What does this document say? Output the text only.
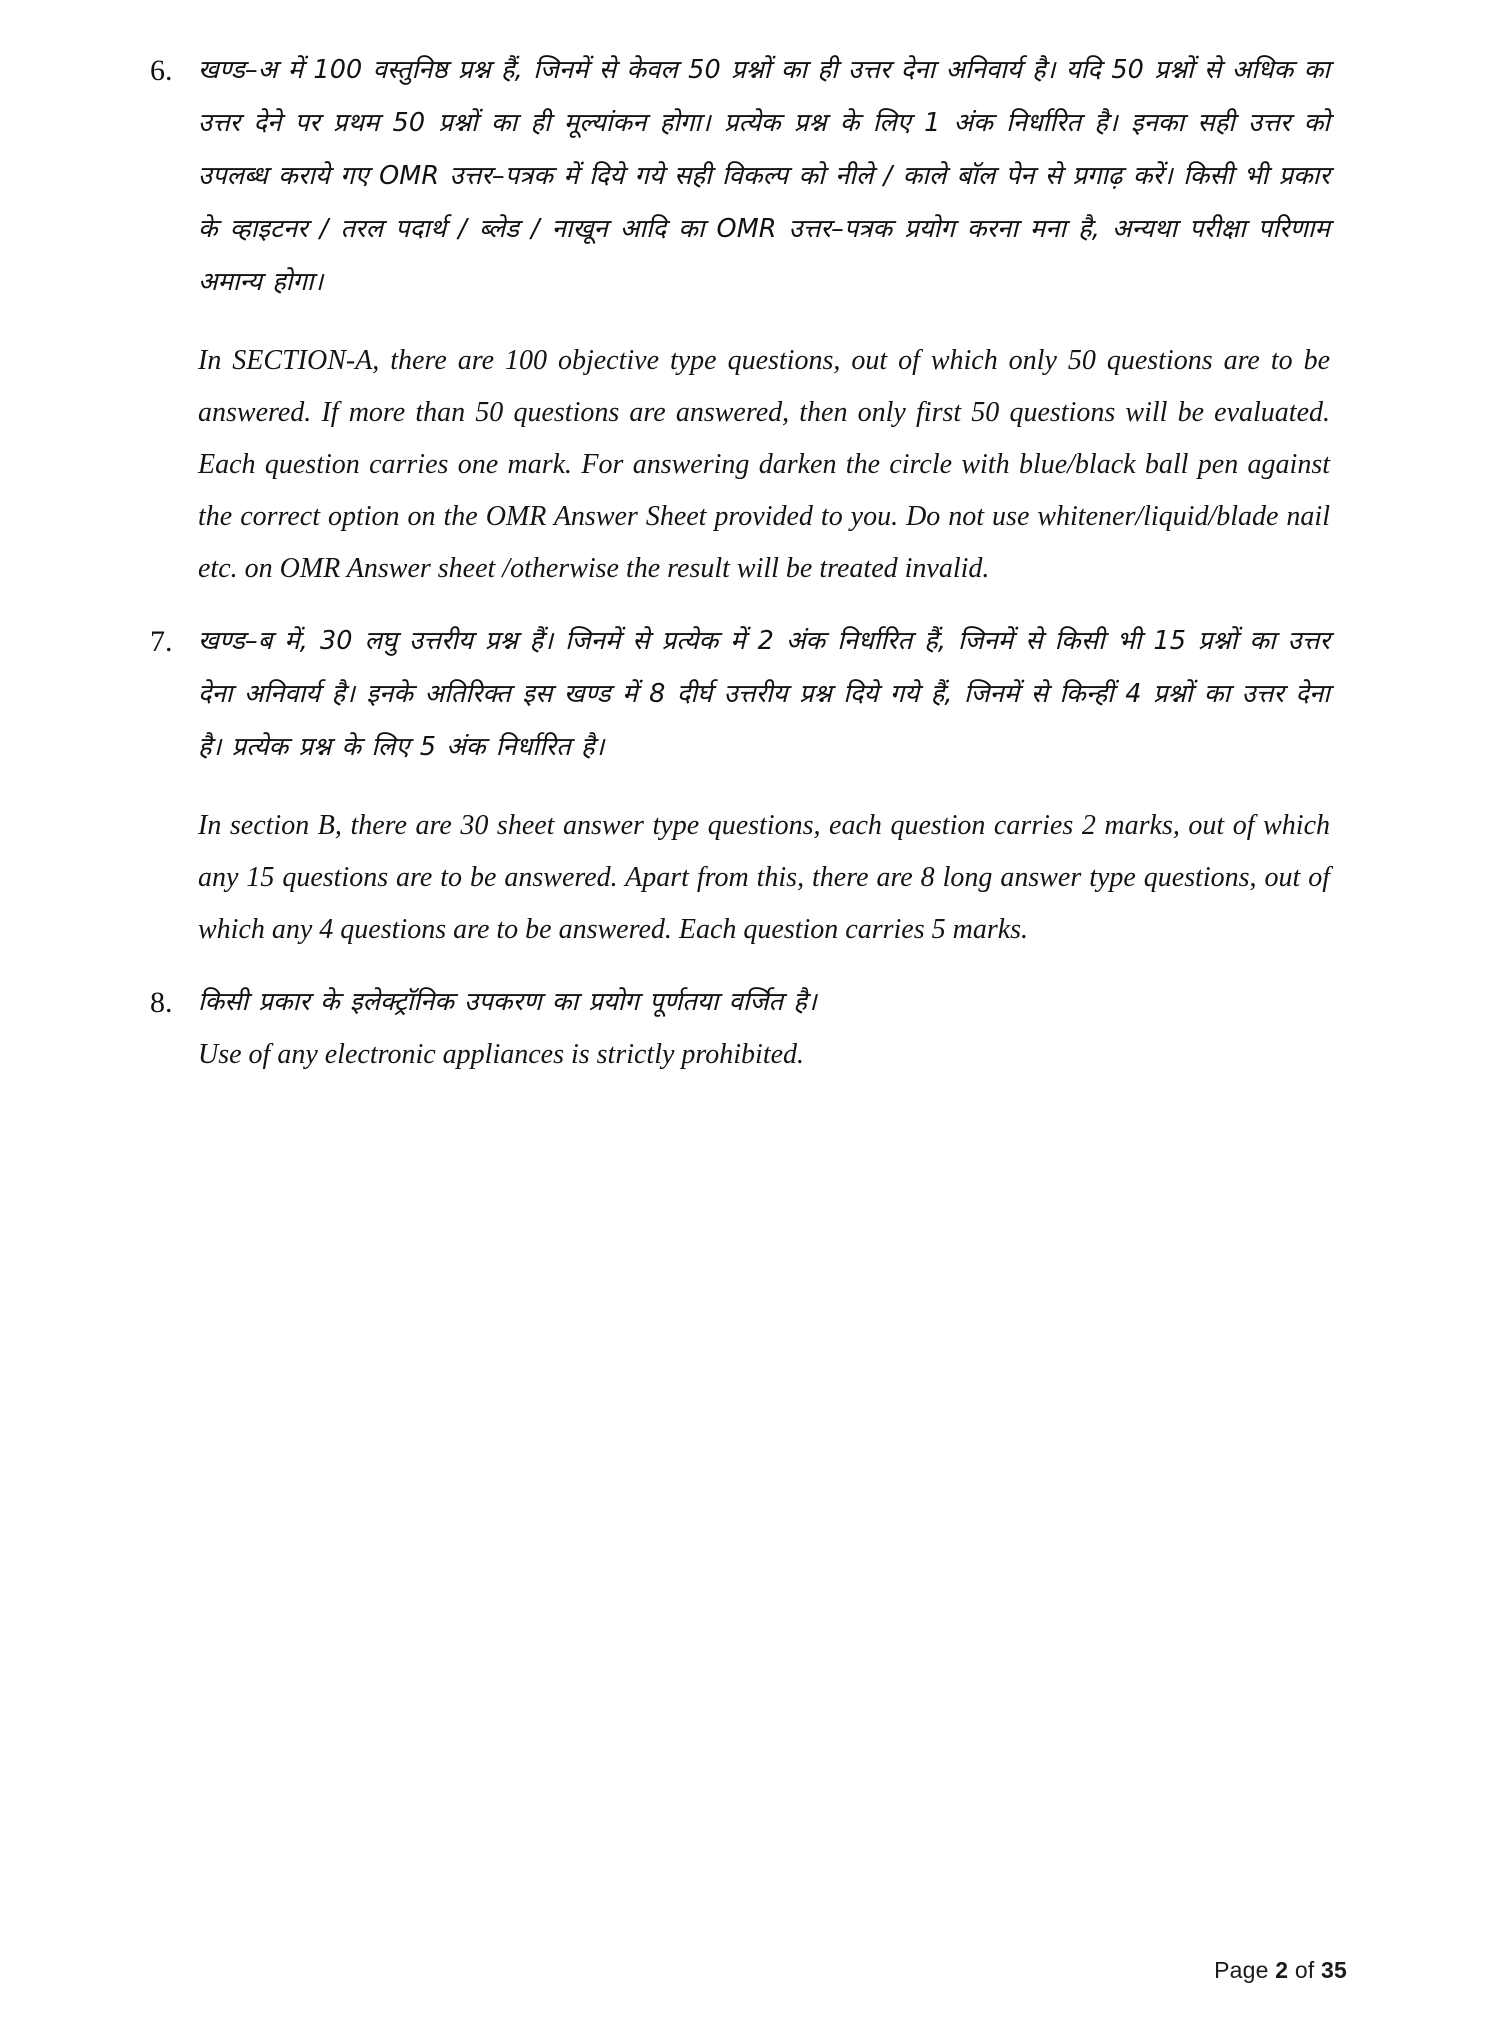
6.	खण्ड–अ में 100 वस्तुनिष्ठ प्रश्न हैं, जिनमें से केवल 50 प्रश्नों का ही उत्तर देना अनिवार्य है। यदि 50 प्रश्नों से अधिक का उत्तर देने पर प्रथम 50 प्रश्नों का ही मूल्यांकन होगा। प्रत्येक प्रश्न के लिए 1 अंक निर्धारित है। इनका सही उत्तर को उपलब्ध कराये गए OMR उत्तर–पत्रक में दिये गये सही विकल्प को नीले / काले बॉल पेन से प्रगाढ़ करें। किसी भी प्रकार के व्हाइटनर / तरल पदार्थ / ब्लेड / नाखून आदि का OMR उत्तर–पत्रक प्रयोग करना मना है, अन्यथा परीक्षा परिणाम अमान्य होगा।

In SECTION-A, there are 100 objective type questions, out of which only 50 questions are to be answered. If more than 50 questions are answered, then only first 50 questions will be evaluated. Each question carries one mark. For answering darken the circle with blue/black ball pen against the correct option on the OMR Answer Sheet provided to you. Do not use whitener/liquid/blade nail etc. on OMR Answer sheet /otherwise the result will be treated invalid.

7.	खण्ड–ब में, 30 लघु उत्तरीय प्रश्न हैं। जिनमें से प्रत्येक में 2 अंक निर्धारित हैं, जिनमें से किसी भी 15 प्रश्नों का उत्तर देना अनिवार्य है। इनके अतिरिक्त इस खण्ड में 8 दीर्घ उत्तरीय प्रश्न दिये गये हैं, जिनमें से किन्हीं 4 प्रश्नों का उत्तर देना है। प्रत्येक प्रश्न के लिए 5 अंक निर्धारित है।

In section B, there are 30 sheet answer type questions, each question carries 2 marks, out of which any 15 questions are to be answered. Apart from this, there are 8 long answer type questions, out of which any 4 questions are to be answered. Each question carries 5 marks.

8.	किसी प्रकार के इलेक्ट्रॉनिक उपकरण का प्रयोग पूर्णतया वर्जित है।

Use of any electronic appliances is strictly prohibited.

Page 2 of 35
